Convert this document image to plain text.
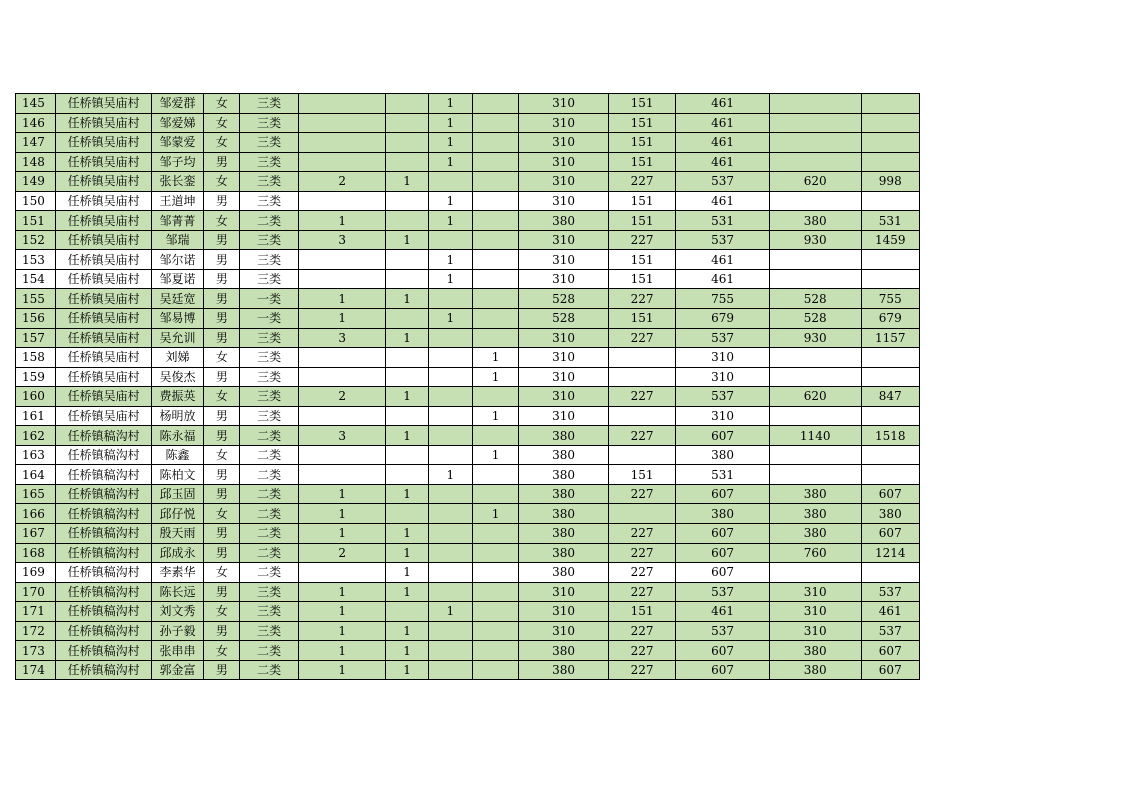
145	任桥镇吴庙村	邹爱群	女	三类			1		310	151	461		
146	任桥镇吴庙村	邹爱娣	女	三类			1		310	151	461		
147	任桥镇吴庙村	邹蒙爱	女	三类			1		310	151	461		
148	任桥镇吴庙村	邹子均	男	三类			1		310	151	461		
149	任桥镇吴庙村	张长銮	女	三类	2	1			310	227	537	620	998
150	任桥镇吴庙村	王道坤	男	三类			1		310	151	461		
151	任桥镇吴庙村	邹菁菁	女	二类	1		1		380	151	531	380	531
152	任桥镇吴庙村	邹瑞	男	三类	3	1			310	227	537	930	1459
153	任桥镇吴庙村	邹尔诺	男	三类			1		310	151	461		
154	任桥镇吴庙村	邹夏诺	男	三类			1		310	151	461		
155	任桥镇吴庙村	吴廷宽	男	一类	1	1			528	227	755	528	755
156	任桥镇吴庙村	邹易博	男	一类	1		1		528	151	679	528	679
157	任桥镇吴庙村	吴允训	男	三类	3	1			310	227	537	930	1157
158	任桥镇吴庙村	刘娣	女	三类				1	310		310		
159	任桥镇吴庙村	吴俊杰	男	三类				1	310		310		
160	任桥镇吴庙村	费振英	女	三类	2	1			310	227	537	620	847
161	任桥镇吴庙村	杨明放	男	三类				1	310		310		
162	任桥镇稿沟村	陈永福	男	二类	3	1			380	227	607	1140	1518
163	任桥镇稿沟村	陈鑫	女	二类				1	380		380		
164	任桥镇稿沟村	陈柏文	男	二类			1		380	151	531		
165	任桥镇稿沟村	邱玉固	男	二类	1	1			380	227	607	380	607
166	任桥镇稿沟村	邱仔悦	女	二类	1			1	380		380	380	380
167	任桥镇稿沟村	殷天雨	男	二类	1	1			380	227	607	380	607
168	任桥镇稿沟村	邱成永	男	二类	2	1			380	227	607	760	1214
169	任桥镇稿沟村	李素华	女	二类		1			380	227	607		
170	任桥镇稿沟村	陈长远	男	三类	1	1			310	227	537	310	537
171	任桥镇稿沟村	刘文秀	女	三类	1		1		310	151	461	310	461
172	任桥镇稿沟村	孙子毅	男	三类	1	1			310	227	537	310	537
173	任桥镇稿沟村	张串串	女	二类	1	1			380	227	607	380	607
174	任桥镇稿沟村	郭金富	男	二类	1	1			380	227	607	380	607
